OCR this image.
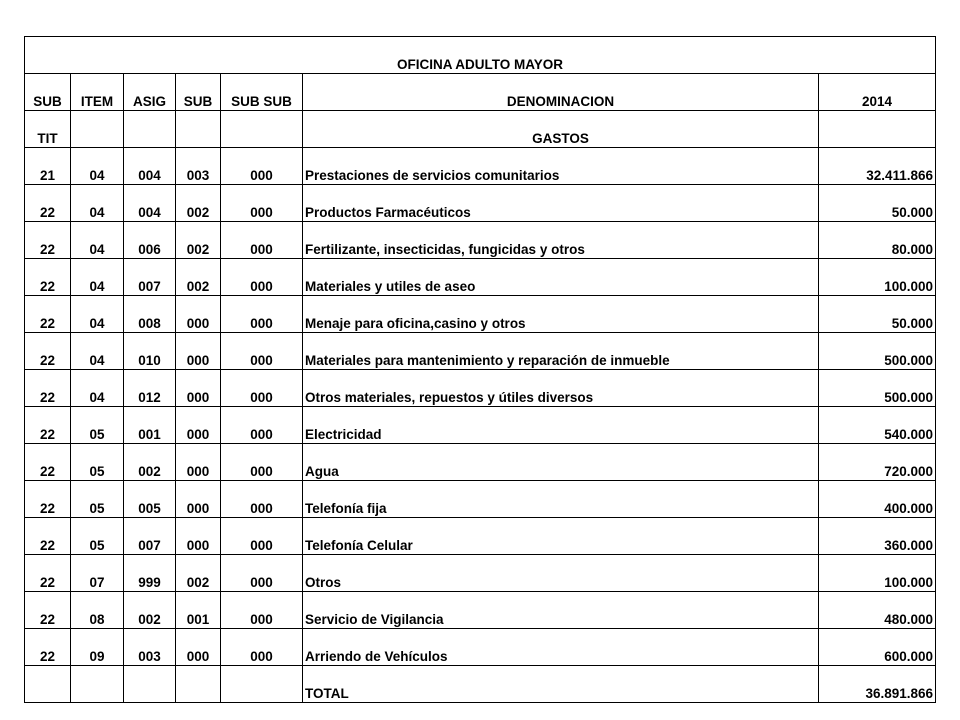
OFICINA ADULTO MAYOR						
SUB	ITEM	ASIG	SUB	SUB SUB	DENOMINACION	2014
TIT					GASTOS	
21	04	004	003	000	Prestaciones de servicios comunitarios	32.411.866
22	04	004	002	000	Productos Farmacéuticos	50.000
22	04	006	002	000	Fertilizante, insecticidas, fungicidas y otros	80.000
22	04	007	002	000	Materiales y utiles de aseo	100.000
22	04	008	000	000	Menaje para oficina,casino y otros	50.000
22	04	010	000	000	Materiales para mantenimiento y reparación de inmueble	500.000
22	04	012	000	000	Otros materiales, repuestos y útiles diversos	500.000
22	05	001	000	000	Electricidad	540.000
22	05	002	000	000	Agua	720.000
22	05	005	000	000	Telefonía fija	400.000
22	05	007	000	000	Telefonía Celular	360.000
22	07	999	002	000	Otros	100.000
22	08	002	001	000	Servicio de Vigilancia	480.000
22	09	003	000	000	Arriendo de Vehículos	600.000
					TOTAL	36.891.866
